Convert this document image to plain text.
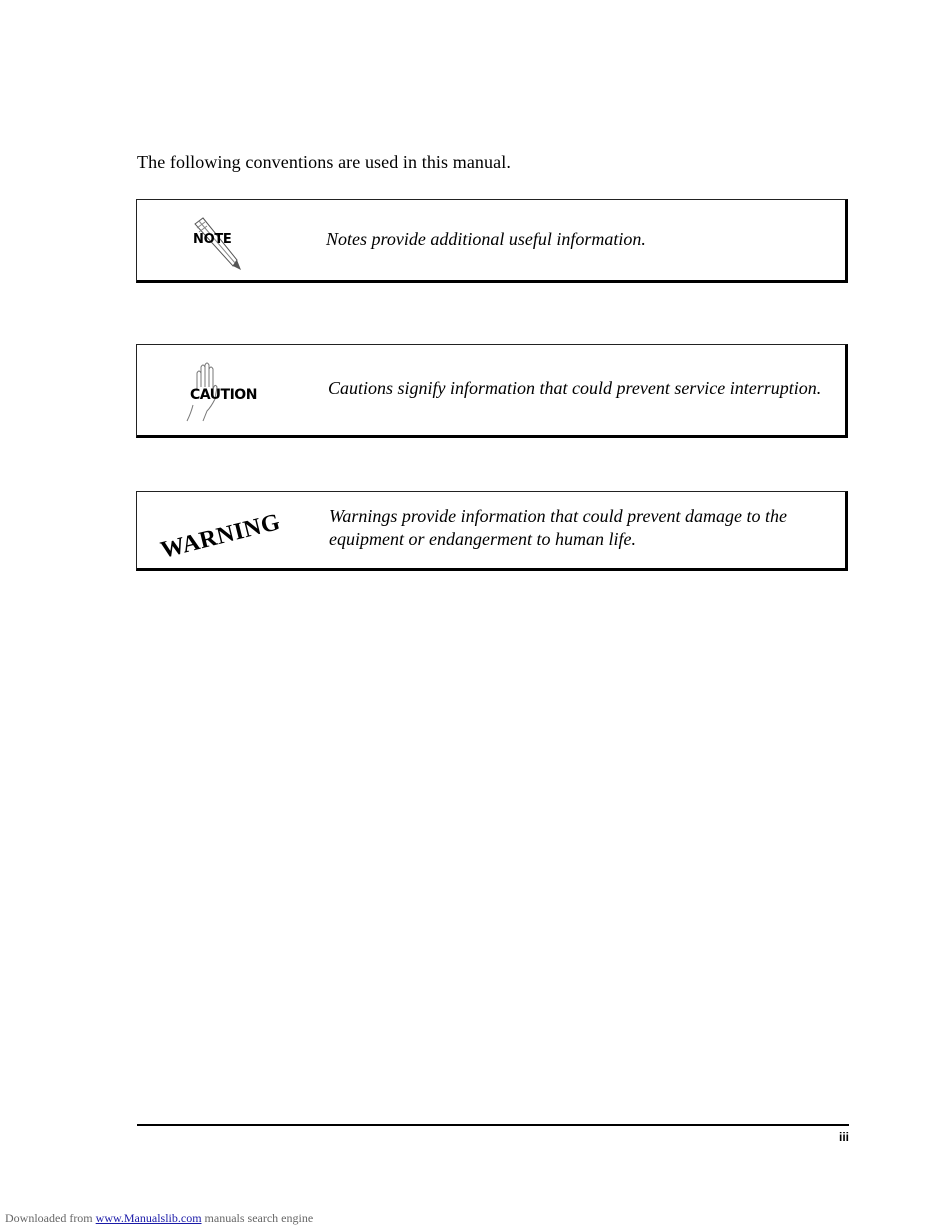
The following conventions are used in this manual.
NOTE	Notes provide additional useful information.
CAUTION	Cautions signify information that could prevent service interruption.
WARNING	Warnings provide information that could prevent damage to the
equipment or endangerment to human life.
iii
Downloaded from www.Manualslib.com manuals search engine
